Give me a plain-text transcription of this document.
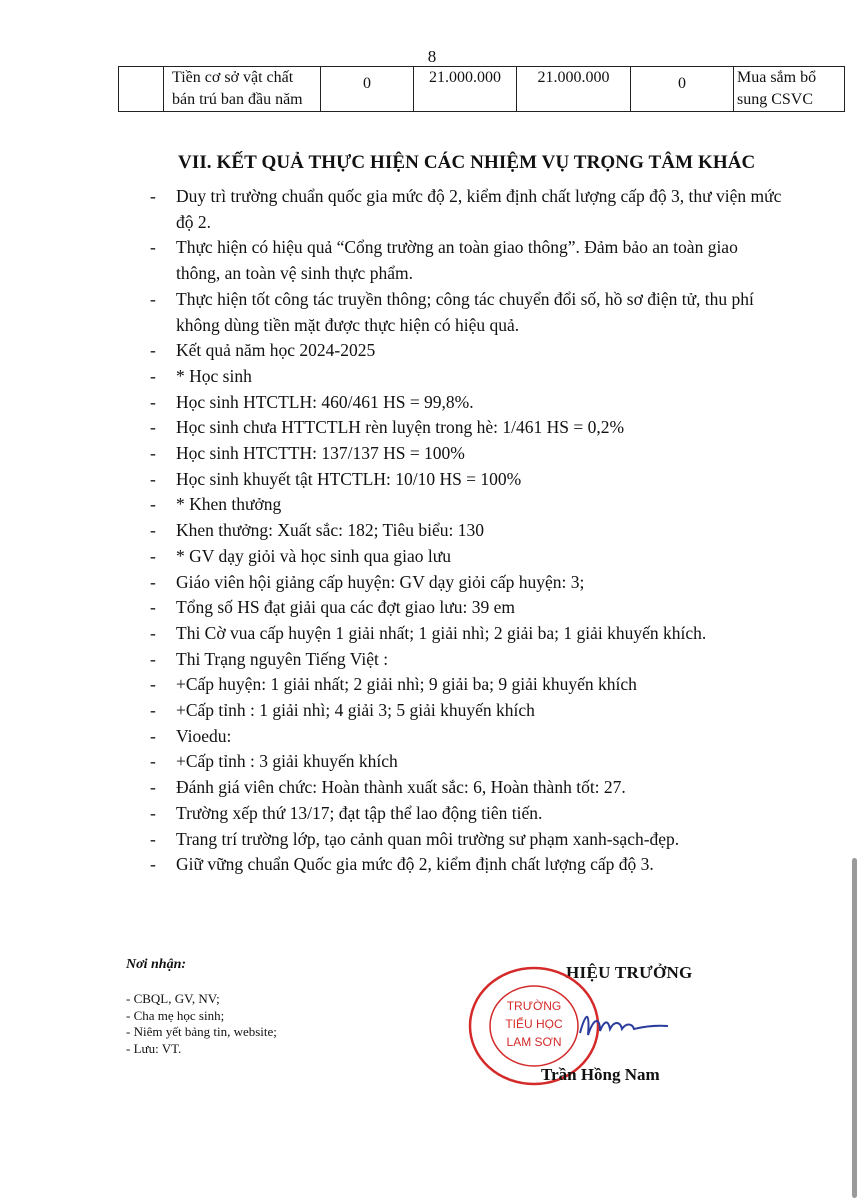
8
	Tiền cơ sở vật chất bán trú ban đầu năm	0	21.000.000	21.000.000	0	Mua sắm bổ sung CSVC
VII. KẾT QUẢ THỰC HIỆN CÁC NHIỆM VỤ TRỌNG TÂM KHÁC
- Duy trì trường chuẩn quốc gia mức độ 2, kiểm định chất lượng cấp độ 3, thư viện mức độ 2.
- Thực hiện có hiệu quả “Cổng trường an toàn giao thông”. Đảm bảo an toàn giao thông, an toàn vệ sinh thực phẩm.
- Thực hiện tốt công tác truyền thông; công tác chuyển đổi số, hồ sơ điện tử, thu phí không dùng tiền mặt được thực hiện có hiệu quả.
- Kết quả năm học 2024-2025
- * Học sinh
- Học sinh HTCTLH: 460/461 HS = 99,8%.
- Học sinh chưa HTTCTLH rèn luyện trong hè: 1/461 HS = 0,2%
- Học sinh HTCTTH: 137/137 HS = 100%
- Học sinh khuyết tật HTCTLH: 10/10 HS = 100%
- * Khen thưởng
- Khen thưởng: Xuất sắc: 182; Tiêu biểu: 130
- * GV dạy giỏi và học sinh qua giao lưu
- Giáo viên hội giảng cấp huyện: GV dạy giỏi cấp huyện: 3;
- Tổng số HS đạt giải qua các đợt giao lưu: 39 em
- Thi Cờ vua cấp huyện 1 giải nhất; 1 giải nhì; 2 giải ba; 1 giải khuyến khích.
- Thi Trạng nguyên Tiếng Việt :
- +Cấp huyện: 1 giải nhất; 2 giải nhì; 9 giải ba; 9 giải khuyến khích
- +Cấp tỉnh : 1 giải nhì; 4 giải 3; 5 giải khuyến khích
- Vioedu:
- +Cấp tỉnh : 3 giải khuyến khích
- Đánh giá viên chức: Hoàn thành xuất sắc: 6, Hoàn thành tốt: 27.
- Trường xếp thứ 13/17; đạt tập thể lao động tiên tiến.
- Trang trí trường lớp, tạo cảnh quan môi trường sư phạm xanh-sạch-đẹp.
- Giữ vững chuẩn Quốc gia mức độ 2, kiểm định chất lượng cấp độ 3.
Nơi nhận:
- CBQL, GV, NV;
- Cha mẹ học sinh;
- Niêm yết bảng tin, website;
- Lưu: VT.
HIỆU TRƯỞNG
TRƯỜNG
TIỂU HỌC
LAM SƠN
Trần Hồng Nam
